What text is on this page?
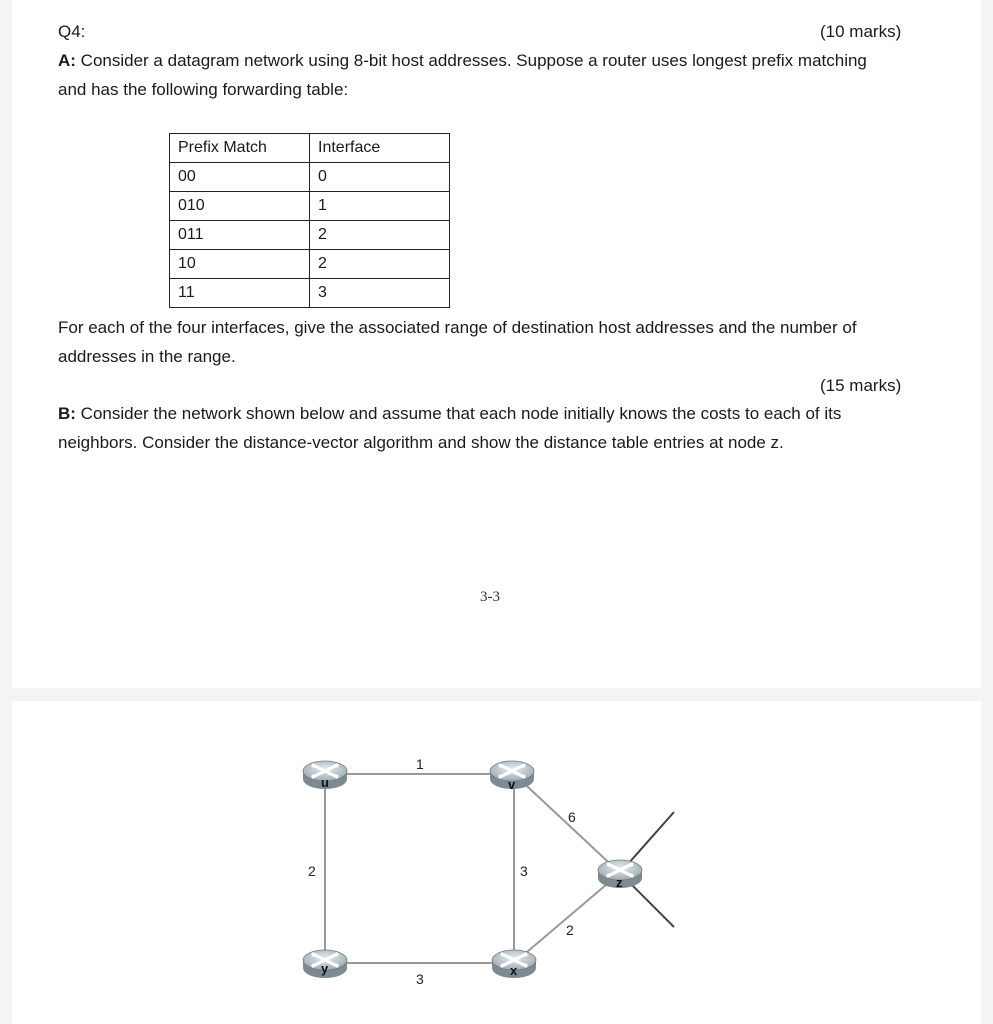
Q4:	(10 marks)
A: Consider a datagram network using 8-bit host addresses. Suppose a router uses longest prefix matching
and has the following forwarding table:
Prefix Match	Interface
00	0
010	1
011	2
10	2
11	3
For each of the four interfaces, give the associated range of destination host addresses and the number of
addresses in the range.
(15 marks)
B: Consider the network shown below and assume that each node initially knows the costs to each of its
neighbors. Consider the distance-vector algorithm and show the distance table entries at node z.
3-3
1
2
3
3
6
2
u	v
y	x
z
